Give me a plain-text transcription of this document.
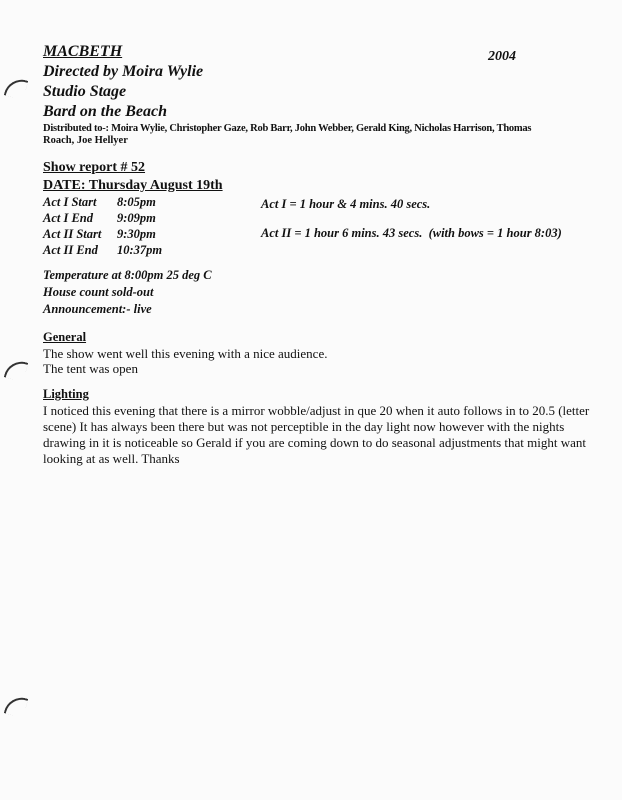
MACBETH
Directed by Moira Wylie
Studio Stage
Bard on the Beach
2004
Distributed to-: Moira Wylie, Christopher Gaze, Rob Barr, John Webber, Gerald King, Nicholas Harrison, Thomas
Roach, Joe Hellyer
Show report # 52
DATE: Thursday August 19th
Act I Start 8:05pm
Act I End 9:09pm
Act II Start 9:30pm
Act II End 10:37pm
Act I = 1 hour & 4 mins. 40 secs.
Act II = 1 hour 6 mins. 43 secs.  (with bows = 1 hour 8:03)
Temperature at 8:00pm 25 deg C
House count sold-out
Announcement:- live
General
The show went well this evening with a nice audience.
The tent was open
Lighting
I noticed this evening that there is a mirror wobble/adjust in que 20 when it auto follows in to 20.5 (letter
scene) It has always been there but was not perceptible in the day light now however with the nights
drawing in it is noticeable so Gerald if you are coming down to do seasonal adjustments that might want
looking at as well. Thanks
